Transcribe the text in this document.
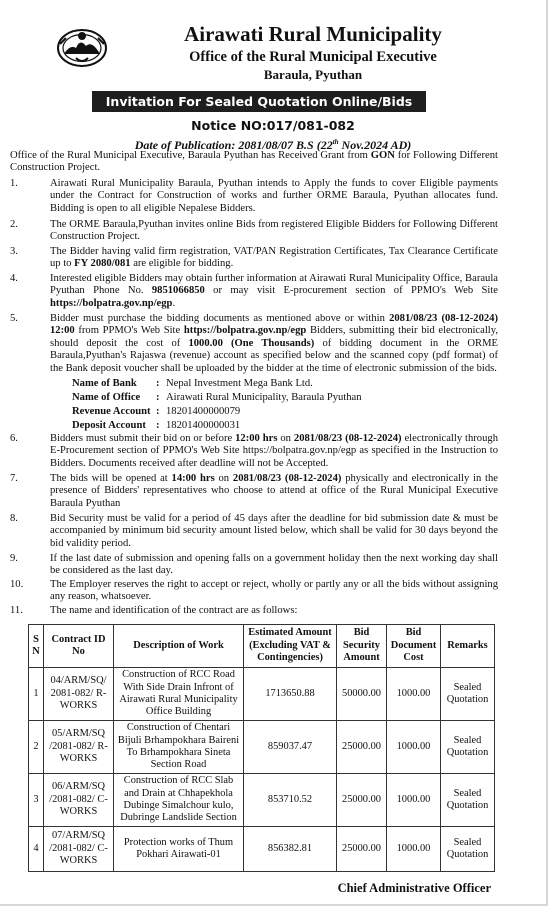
Airawati Rural Municipality
Office of the Rural Municipal Executive
Baraula, Pyuthan
Invitation For Sealed Quotation Online/Bids
Notice NO:017/081-082
Date of Publication: 2081/08/07 B.S (22th Nov.2024 AD)

Office of the Rural Municipal Executive, Baraula Pyuthan has Received Grant from GON for Following Different Construction Project.

1.	Airawati Rural Municipality Baraula, Pyuthan intends to Apply the funds to cover Eligible payments under the Contract for Construction of works and further ORME Baraula, Pyuthan allocates fund. Bidding is open to all eligible Nepalese Bidders.
2.	The ORME Baraula,Pyuthan invites online Bids from registered Eligible Bidders for Following Different Construction Project.
3.	The Bidder having valid firm registration, VAT/PAN Registration Certificates, Tax Clearance Certificate up to FY 2080/081 are eligible for bidding.
4.	Interested eligible Bidders may obtain further information at Airawati Rural Municipality Office, Baraula Pyuthan Phone No. 9851066850 or may visit E-procurement section of PPMO's Web Site https://bolpatra.gov.np/egp.
5.	Bidder must purchase the bidding documents as mentioned above or within 2081/08/23 (08-12-2024) 12:00 from PPMO's Web Site https://bolpatra.gov.np/egp Bidders, submitting their bid electronically, should deposit the cost of 1000.00 (One Thousands) of bidding document in the ORME Baraula,Pyuthan's Rajaswa (revenue) account as specified below and the scanned copy (pdf format) of the Bank deposit voucher shall be uploaded by the bidder at the time of electronic submission of the bids.
Name of Bank : Nepal Investment Mega Bank Ltd.
Name of Office : Airawati Rural Municipality, Baraula Pyuthan
Revenue Account : 18201400000079
Deposit Account : 18201400000031
6.	Bidders must submit their bid on or before 12:00 hrs on 2081/08/23 (08-12-2024) electronically through E-Procurement section of PPMO's Web Site https://bolpatra.gov.np/egp as specified in the Instruction to Bidders. Documents received after deadline will not be Accepted.
7.	The bids will be opened at 14:00 hrs on 2081/08/23 (08-12-2024) physically and electronically in the presence of Bidders' representatives who choose to attend at office of the Rural Municipal Executive Baraula Pyuthan
8.	Bid Security must be valid for a period of 45 days after the deadline for bid submission date & must be accompanied by minimum bid security amount listed below, which shall be valid for 30 days beyond the bid validity period.
9.	If the last date of submission and opening falls on a government holiday then the next working day shall be considered as the last day.
10.	The Employer reserves the right to accept or reject, wholly or partly any or all the bids without assigning any reason, whatsoever.
11.	The name and identification of the contract are as follows:
S N	Contract ID No	Description of Work	Estimated Amount (Excluding VAT & Contingencies)	Bid Security Amount	Bid Document Cost	Remarks
1	04/ARM/SQ/ 2081-082/ R-WORKS	Construction of RCC Road With Side Drain Infront of Airawati Rural Municipality Office Building	1713650.88	50000.00	1000.00	Sealed Quotation
2	05/ARM/SQ /2081-082/ R-WORKS	Construction of Chentari Bijuli Brhampokhara Baireni To Brhampokhara Sineta Section Road	859037.47	25000.00	1000.00	Sealed Quotation
3	06/ARM/SQ /2081-082/ C-WORKS	Construction of RCC Slab and Drain at Chhapekhola Dubinge Simalchour kulo, Dubringe Landslide Section	853710.52	25000.00	1000.00	Sealed Quotation
4	07/ARM/SQ /2081-082/ C-WORKS	Protection works of Thum Pokhari Airawati-01	856382.81	25000.00	1000.00	Sealed Quotation
Chief Administrative Officer
